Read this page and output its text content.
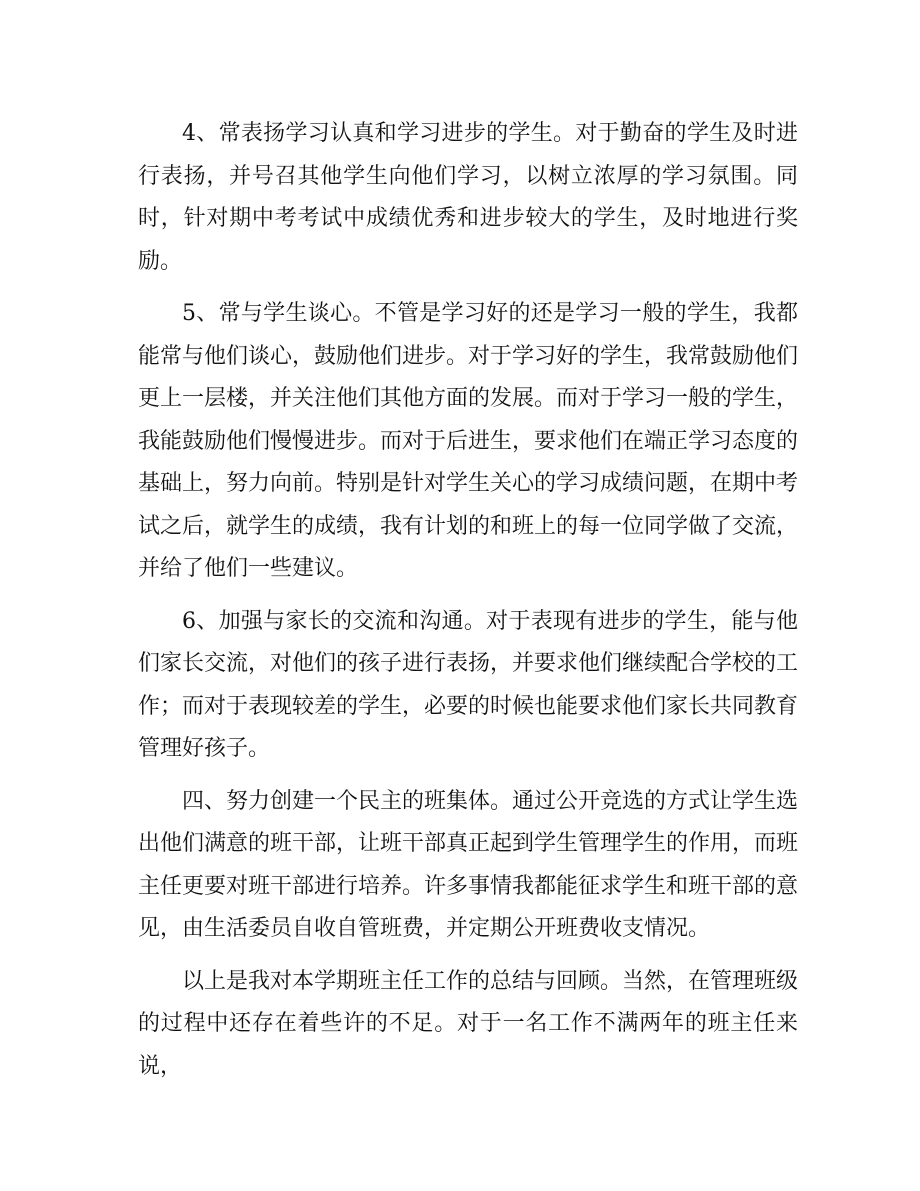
4、常表扬学习认真和学习进步的学生。对于勤奋的学生及时进行表扬，并号召其他学生向他们学习，以树立浓厚的学习氛围。同时，针对期中考考试中成绩优秀和进步较大的学生，及时地进行奖励。

5、常与学生谈心。不管是学习好的还是学习一般的学生，我都能常与他们谈心，鼓励他们进步。对于学习好的学生，我常鼓励他们更上一层楼，并关注他们其他方面的发展。而对于学习一般的学生，我能鼓励他们慢慢进步。而对于后进生，要求他们在端正学习态度的基础上，努力向前。特别是针对学生关心的学习成绩问题，在期中考试之后，就学生的成绩，我有计划的和班上的每一位同学做了交流，并给了他们一些建议。

6、加强与家长的交流和沟通。对于表现有进步的学生，能与他们家长交流，对他们的孩子进行表扬，并要求他们继续配合学校的工作；而对于表现较差的学生，必要的时候也能要求他们家长共同教育管理好孩子。

四、努力创建一个民主的班集体。通过公开竞选的方式让学生选出他们满意的班干部，让班干部真正起到学生管理学生的作用，而班主任更要对班干部进行培养。许多事情我都能征求学生和班干部的意见，由生活委员自收自管班费，并定期公开班费收支情况。

以上是我对本学期班主任工作的总结与回顾。当然，在管理班级的过程中还存在着些许的不足。对于一名工作不满两年的班主任来说，
